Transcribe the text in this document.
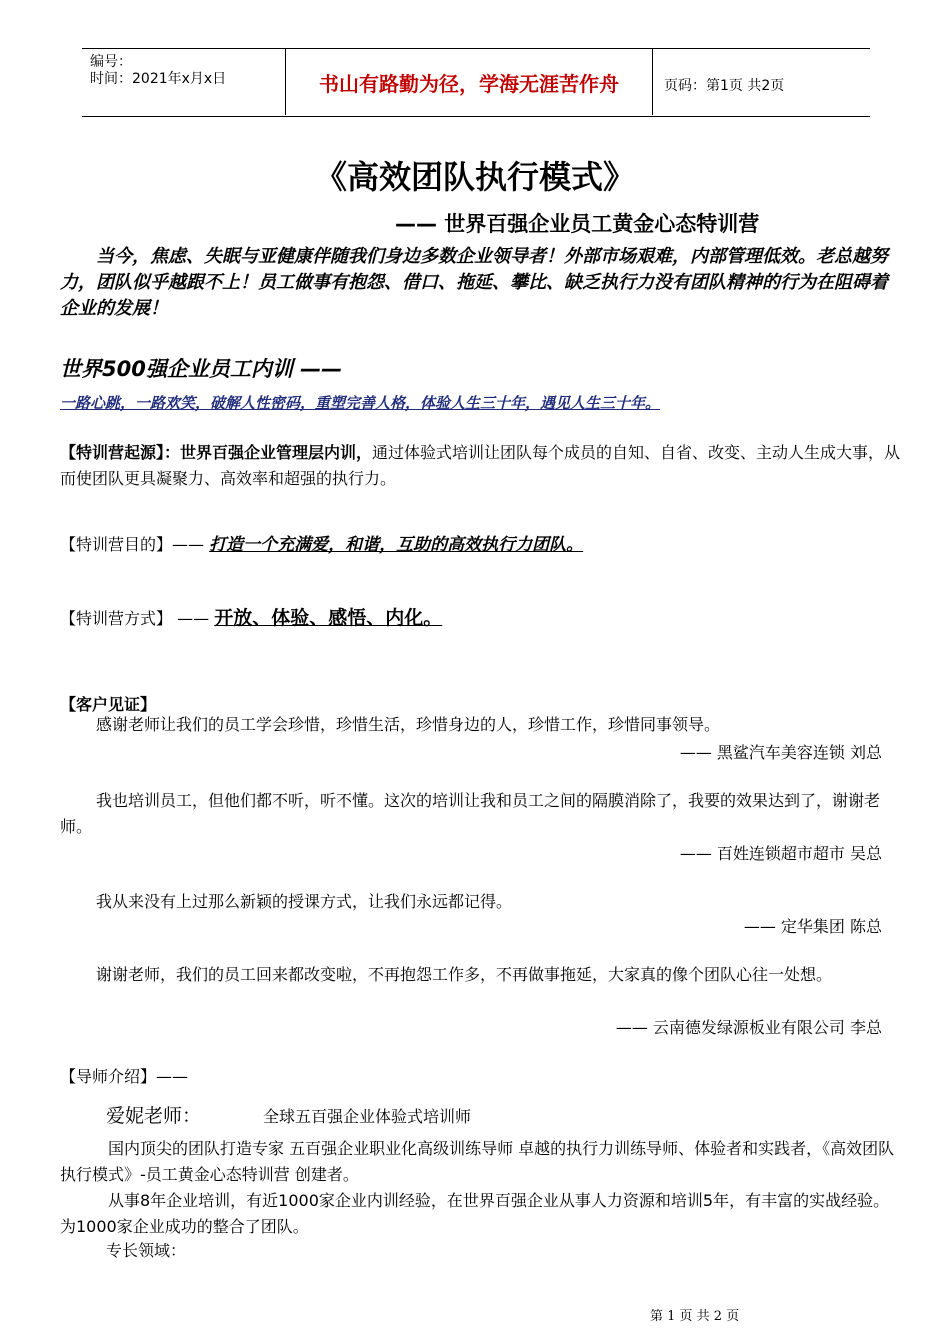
编号：
时间：2021年x月x日	书山有路勤为径，学海无涯苦作舟	页码：第1页 共2页
《高效团队执行模式》
—— 世界百强企业员工黄金心态特训营
当今，焦虑、失眠与亚健康伴随我们身边多数企业领导者！外部市场艰难，内部管理低效。老总越努力，团队似乎越跟不上！员工做事有抱怨、借口、拖延、攀比、缺乏执行力没有团队精神的行为在阻碍着企业的发展！
世界500强企业员工内训 ——
一路心跳，一路欢笑，破解人性密码，重塑完善人格，体验人生三十年，遇见人生三十年。
【特训营起源】：世界百强企业管理层内训，通过体验式培训让团队每个成员的自知、自省、改变、主动人生成大事，从而使团队更具凝聚力、高效率和超强的执行力。
【特训营目的】—— 打造一个充满爱，和谐，互助的高效执行力团队。
【特训营方式】 —— 开放、体验、感悟、内化。
【客户见证】
感谢老师让我们的员工学会珍惜，珍惜生活，珍惜身边的人，珍惜工作，珍惜同事领导。
—— 黑鲨汽车美容连锁 刘总
我也培训员工，但他们都不听，听不懂。这次的培训让我和员工之间的隔膜消除了，我要的效果达到了，谢谢老师。
—— 百姓连锁超市超市 吴总
我从来没有上过那么新颖的授课方式，让我们永远都记得。
—— 定华集团 陈总
谢谢老师，我们的员工回来都改变啦，不再抱怨工作多，不再做事拖延，大家真的像个团队心往一处想。
—— 云南德发绿源板业有限公司 李总
【导师介绍】——
爱妮老师：	全球五百强企业体验式培训师
国内顶尖的团队打造专家 五百强企业职业化高级训练导师 卓越的执行力训练导师、体验者和实践者，《高效团队执行模式》-员工黄金心态特训营 创建者。
从事8年企业培训，有近1000家企业内训经验，在世界百强企业从事人力资源和培训5年，有丰富的实战经验。为1000家企业成功的整合了团队。
专长领域：
第 1 页 共 2 页
